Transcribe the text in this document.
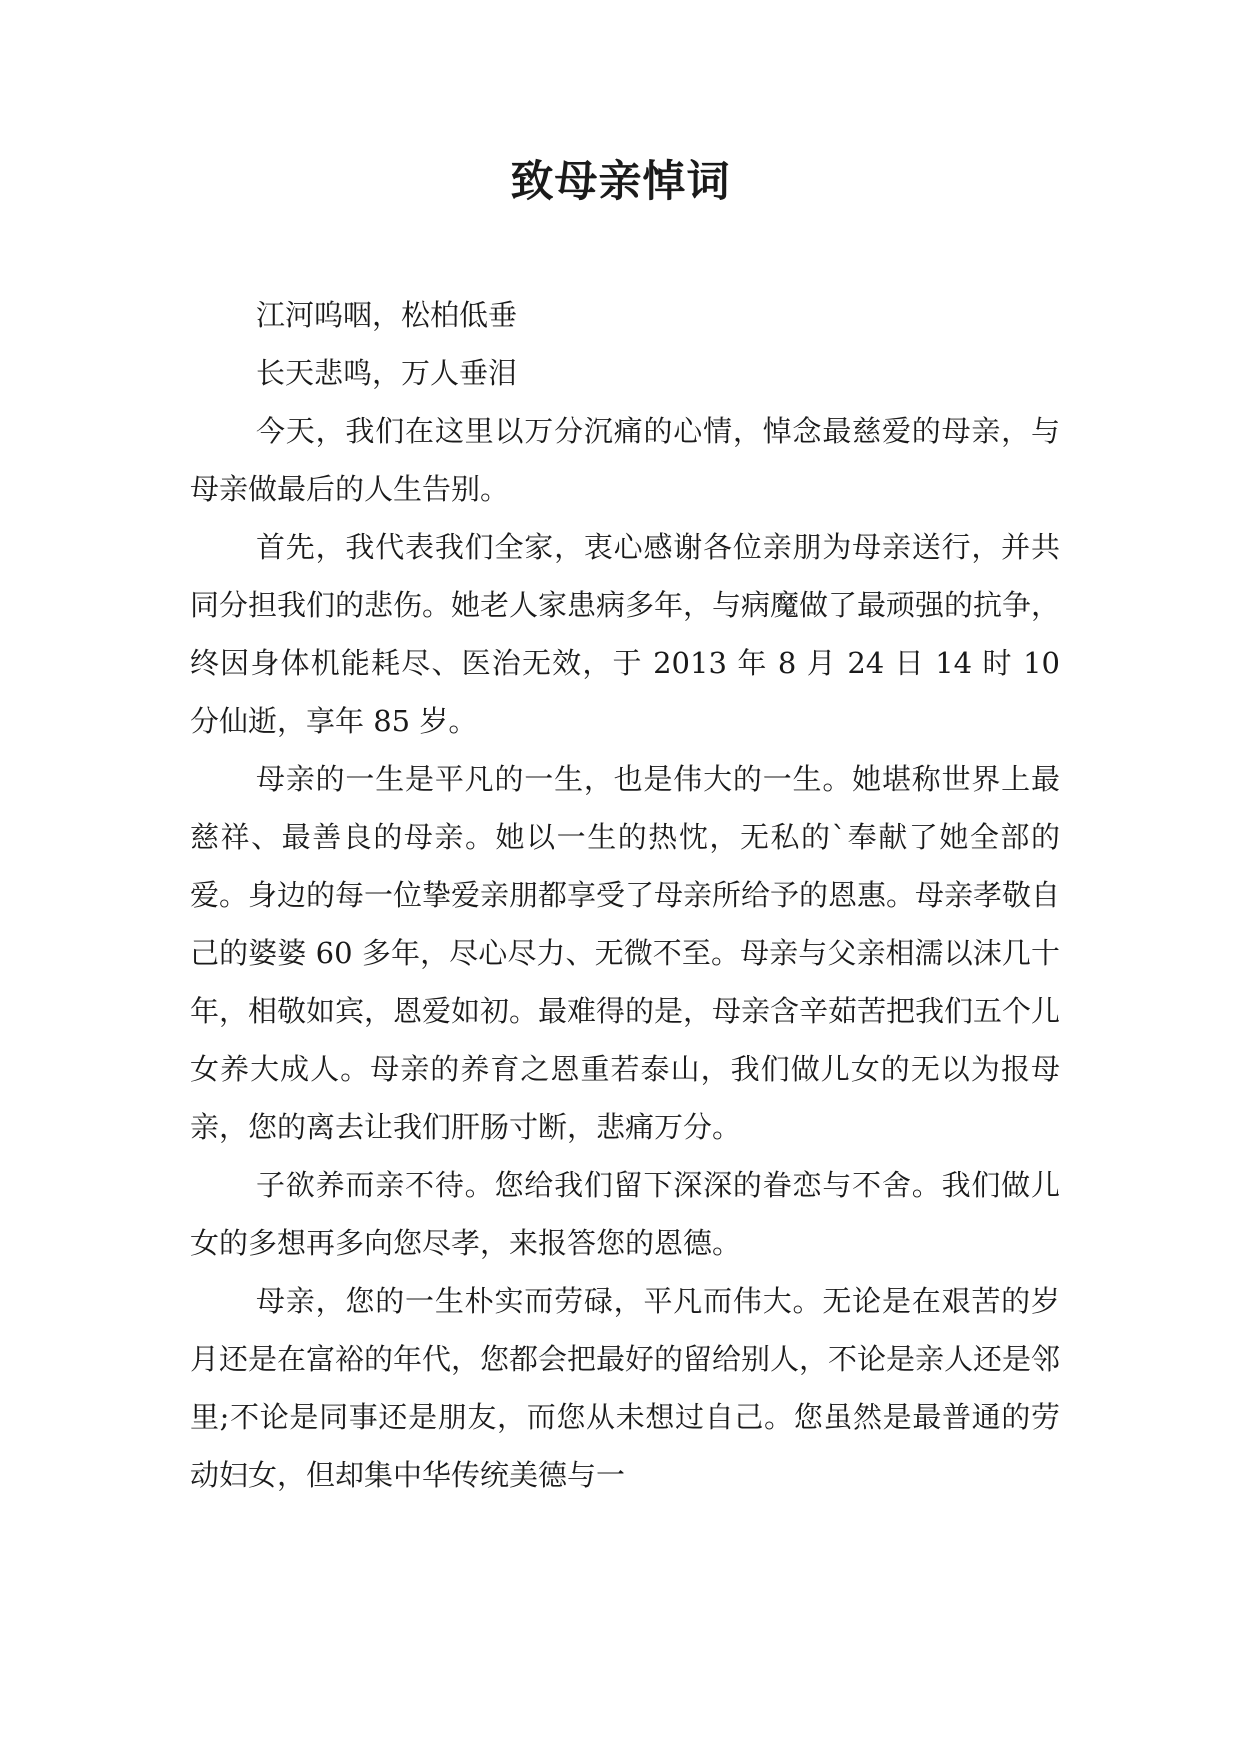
致母亲悼词

江河呜咽，松柏低垂

长天悲鸣，万人垂泪

今天，我们在这里以万分沉痛的心情，悼念最慈爱的母亲，与母亲做最后的人生告别。

首先，我代表我们全家，衷心感谢各位亲朋为母亲送行，并共同分担我们的悲伤。她老人家患病多年，与病魔做了最顽强的抗争，终因身体机能耗尽、医治无效，于 2013 年 8 月 24 日 14 时 10 分仙逝，享年 85 岁。

母亲的一生是平凡的一生，也是伟大的一生。她堪称世界上最慈祥、最善良的母亲。她以一生的热忱，无私的`奉献了她全部的爱。身边的每一位挚爱亲朋都享受了母亲所给予的恩惠。母亲孝敬自己的婆婆 60 多年，尽心尽力、无微不至。母亲与父亲相濡以沫几十年，相敬如宾，恩爱如初。最难得的是，母亲含辛茹苦把我们五个儿女养大成人。母亲的养育之恩重若泰山，我们做儿女的无以为报母亲，您的离去让我们肝肠寸断，悲痛万分。

子欲养而亲不待。您给我们留下深深的眷恋与不舍。我们做儿女的多想再多向您尽孝，来报答您的恩德。

母亲，您的一生朴实而劳碌，平凡而伟大。无论是在艰苦的岁月还是在富裕的年代，您都会把最好的留给别人，不论是亲人还是邻里;不论是同事还是朋友，而您从未想过自己。您虽然是最普通的劳动妇女，但却集中华传统美德与一
